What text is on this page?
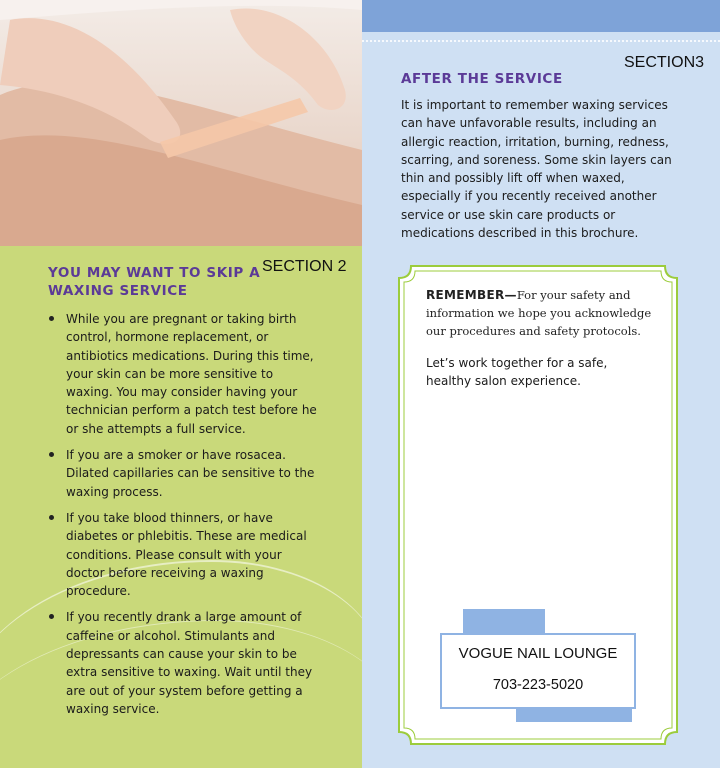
SECTION 2
YOU MAY WANT TO SKIP A WAXING SERVICE
While you are pregnant or taking birth control, hormone replacement, or antibiotics medications. During this time, your skin can be more sensitive to waxing. You may consider having your technician perform a patch test before he or she attempts a full service.
If you are a smoker or have rosacea. Dilated capillaries can be sensitive to the waxing process.
If you take blood thinners, or have diabetes or phlebitis. These are medical conditions. Please consult with your doctor before receiving a waxing procedure.
If you recently drank a large amount of caffeine or alcohol. Stimulants and depressants can cause your skin to be extra sensitive to waxing. Wait until they are out of your system before getting a waxing service.
SECTION3
AFTER THE SERVICE
It is important to remember waxing services can have unfavorable results, including an allergic reaction, irritation, burning, redness, scarring, and soreness. Some skin layers can thin and possibly lift off when waxed, especially if you recently received another service or use skin care products or medications described in this brochure.
REMEMBER—For your safety and information we hope you acknowledge our procedures and safety protocols.
Let’s work together for a safe, healthy salon experience.
VOGUE NAIL LOUNGE
703-223-5020
